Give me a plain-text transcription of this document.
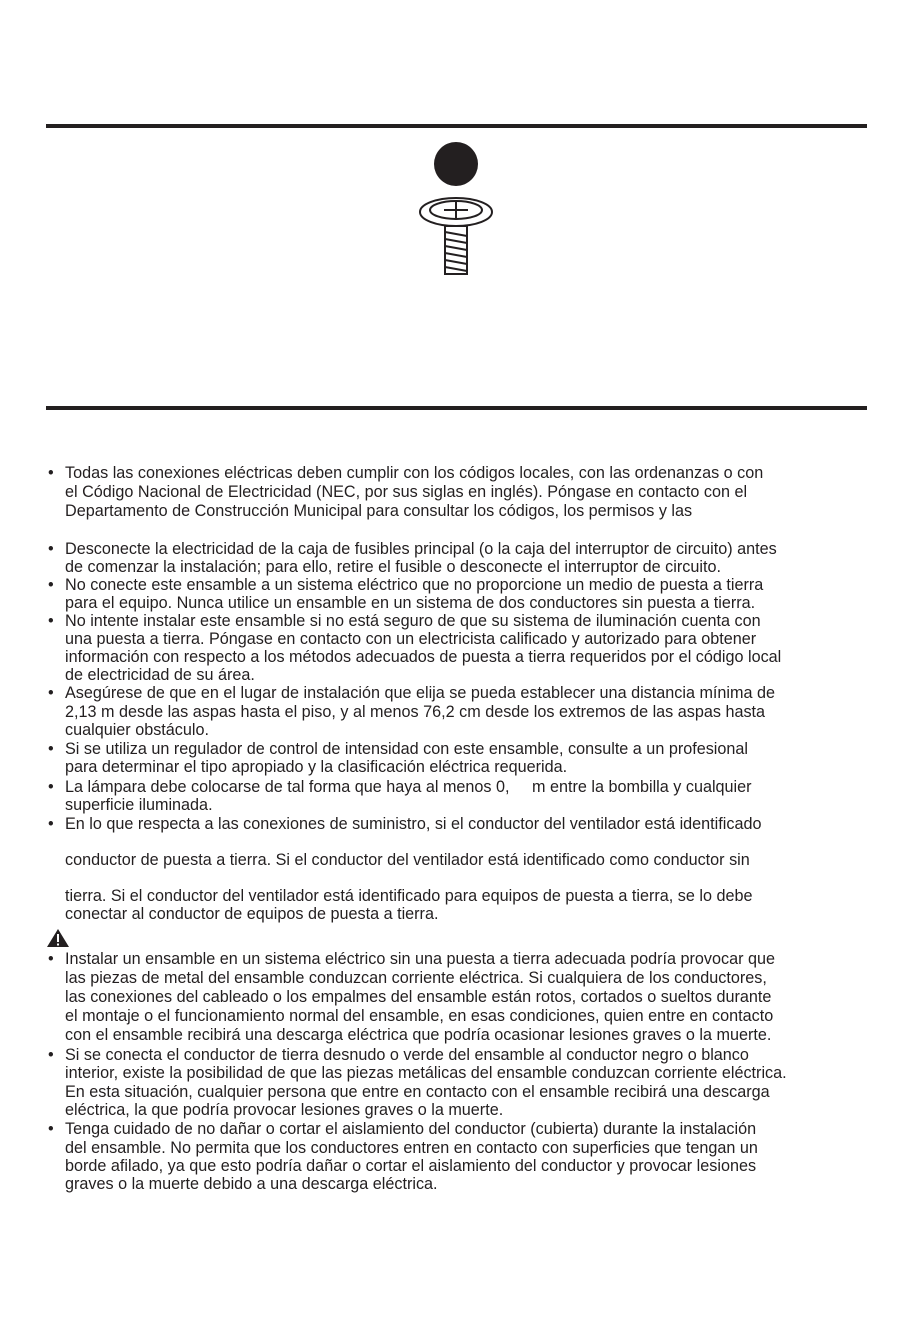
•
•
•
•
•
•
•
•
•
•
•
Todas las conexiones eléctricas deben cumplir con los códigos locales, con las ordenanzas o con
el Código Nacional de Electricidad (NEC, por sus siglas en inglés). Póngase en contacto con el
Departamento de Construcción Municipal para consultar los códigos, los permisos y las
Desconecte la electricidad de la caja de fusibles principal (o la caja del interruptor de circuito) antes
de comenzar la instalación; para ello, retire el fusible o desconecte el interruptor de circuito.
No conecte este ensamble a un sistema eléctrico que no proporcione un medio de puesta a tierra
para el equipo. Nunca utilice un ensamble en un sistema de dos conductores sin puesta a tierra.
No intente instalar este ensamble si no está seguro de que su sistema de iluminación cuenta con
una puesta a tierra. Póngase en contacto con un electricista calificado y autorizado para obtener
información con respecto a los métodos adecuados de puesta a tierra requeridos por el código local
de electricidad de su área.
Asegúrese de que en el lugar de instalación que elija se pueda establecer una distancia mínima de
2,13 m desde las aspas hasta el piso, y al menos 76,2 cm desde los extremos de las aspas hasta
cualquier obstáculo.
Si se utiliza un regulador de control de intensidad con este ensamble, consulte a un profesional
para determinar el tipo apropiado y la clasificación eléctrica requerida.
La lámpara debe colocarse de tal forma que haya al menos 0,     m entre la bombilla y cualquier
superficie iluminada.
En lo que respecta a las conexiones de suministro, si el conductor del ventilador está identificado
conductor de puesta a tierra. Si el conductor del ventilador está identificado como conductor sin
tierra. Si el conductor del ventilador está identificado para equipos de puesta a tierra, se lo debe
conectar al conductor de equipos de puesta a tierra.
Instalar un ensamble en un sistema eléctrico sin una puesta a tierra adecuada podría provocar que
las piezas de metal del ensamble conduzcan corriente eléctrica. Si cualquiera de los conductores,
las conexiones del cableado o los empalmes del ensamble están rotos, cortados o sueltos durante
el montaje o el funcionamiento normal del ensamble, en esas condiciones, quien entre en contacto
con el ensamble recibirá una descarga eléctrica que podría ocasionar lesiones graves o la muerte.
Si se conecta el conductor de tierra desnudo o verde del ensamble al conductor negro o blanco
interior, existe la posibilidad de que las piezas metálicas del ensamble conduzcan corriente eléctrica.
En esta situación, cualquier persona que entre en contacto con el ensamble recibirá una descarga
eléctrica, la que podría provocar lesiones graves o la muerte.
Tenga cuidado de no dañar o cortar el aislamiento del conductor (cubierta) durante la instalación
del ensamble. No permita que los conductores entren en contacto con superficies que tengan un
borde afilado, ya que esto podría dañar o cortar el aislamiento del conductor y provocar lesiones
graves o la muerte debido a una descarga eléctrica.
